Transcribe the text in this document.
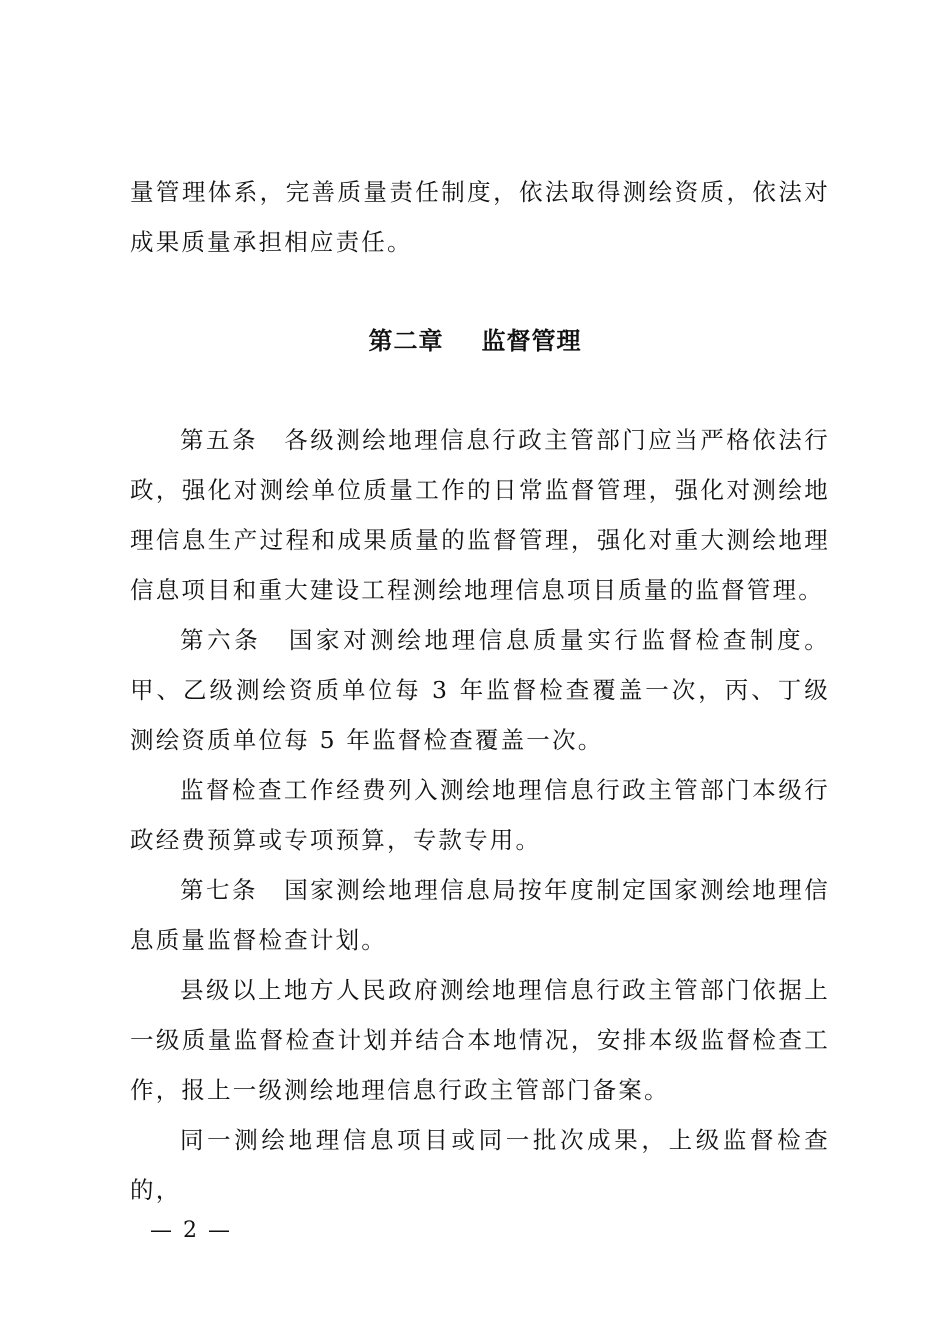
量管理体系，完善质量责任制度，依法取得测绘资质，依法对成果质量承担相应责任。

第二章 监督管理

第五条 各级测绘地理信息行政主管部门应当严格依法行政，强化对测绘单位质量工作的日常监督管理，强化对测绘地理信息生产过程和成果质量的监督管理，强化对重大测绘地理信息项目和重大建设工程测绘地理信息项目质量的监督管理。

第六条 国家对测绘地理信息质量实行监督检查制度。甲、乙级测绘资质单位每 3 年监督检查覆盖一次，丙、丁级测绘资质单位每 5 年监督检查覆盖一次。

监督检查工作经费列入测绘地理信息行政主管部门本级行政经费预算或专项预算，专款专用。

第七条 国家测绘地理信息局按年度制定国家测绘地理信息质量监督检查计划。

县级以上地方人民政府测绘地理信息行政主管部门依据上一级质量监督检查计划并结合本地情况，安排本级监督检查工作，报上一级测绘地理信息行政主管部门备案。

同一测绘地理信息项目或同一批次成果，上级监督检查的，

— 2 —
